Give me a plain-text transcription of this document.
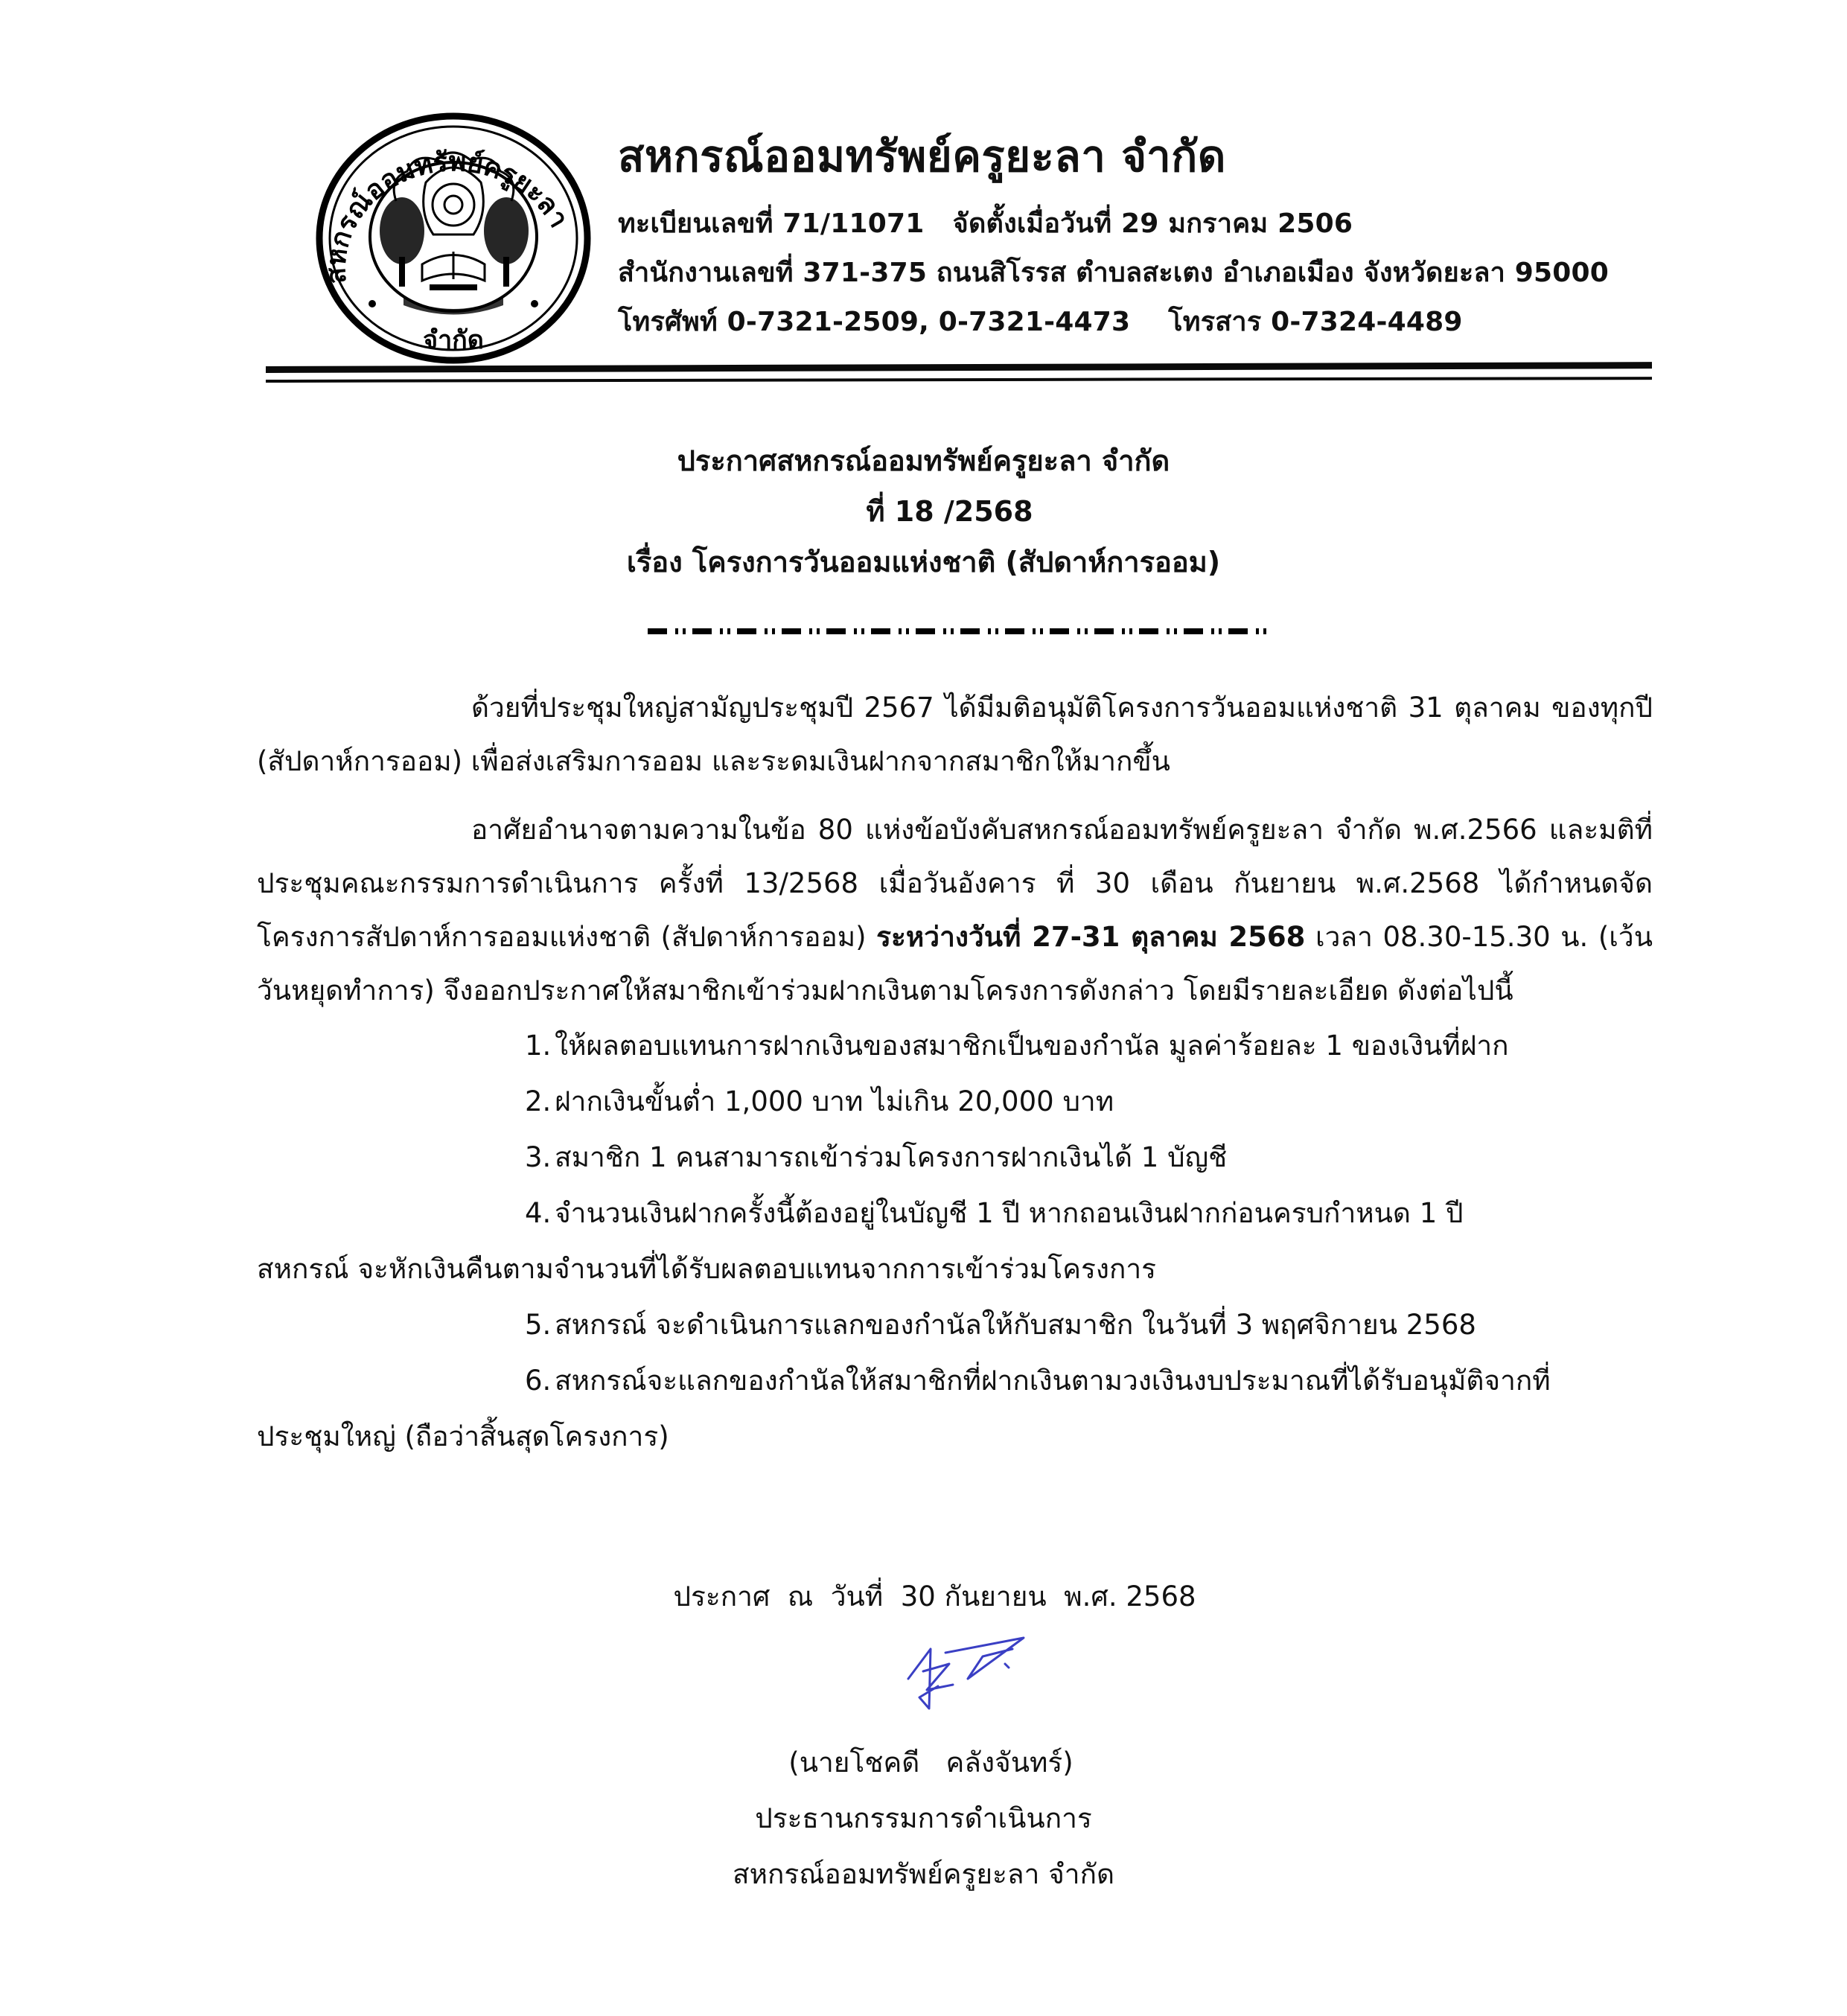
สหกรณ์ออมทรัพย์ครูยะลา
จำกัด
สหกรณ์ออมทรัพย์ครูยะลา จำกัด
ทะเบียนเลขที่ 71/11071   จัดตั้งเมื่อวันที่ 29 มกราคม 2506
สำนักงานเลขที่ 371-375 ถนนสิโรรส ตำบลสะเตง อำเภอเมือง จังหวัดยะลา 95000
โทรศัพท์ 0-7321-2509, 0-7321-4473    โทรสาร 0-7324-4489

ประกาศสหกรณ์ออมทรัพย์ครูยะลา จำกัด

ที่ 18 /2568

เรื่อง โครงการวันออมแห่งชาติ (สัปดาห์การออม)

ด้วยที่ประชุมใหญ่สามัญประชุมปี 2567 ได้มีมติอนุมัติโครงการวันออมแห่งชาติ 31 ตุลาคม ของทุกปี (สัปดาห์การออม) เพื่อส่งเสริมการออม และระดมเงินฝากจากสมาชิกให้มากขึ้น

อาศัยอำนาจตามความในข้อ 80 แห่งข้อบังคับสหกรณ์ออมทรัพย์ครูยะลา จำกัด พ.ศ.2566 และมติที่ประชุมคณะกรรมการดำเนินการ ครั้งที่ 13/2568 เมื่อวันอังคาร ที่ 30 เดือน กันยายน พ.ศ.2568 ได้กำหนดจัดโครงการสัปดาห์การออมแห่งชาติ (สัปดาห์การออม) ระหว่างวันที่ 27-31 ตุลาคม 2568 เวลา 08.30-15.30 น. (เว้นวันหยุดทำการ) จึงออกประกาศให้สมาชิกเข้าร่วมฝากเงินตามโครงการดังกล่าว โดยมีรายละเอียด ดังต่อไปนี้

1. ให้ผลตอบแทนการฝากเงินของสมาชิกเป็นของกำนัล มูลค่าร้อยละ 1 ของเงินที่ฝาก

2. ฝากเงินขั้นต่ำ 1,000 บาท ไม่เกิน 20,000 บาท

3. สมาชิก 1 คนสามารถเข้าร่วมโครงการฝากเงินได้ 1 บัญชี

4. จำนวนเงินฝากครั้งนี้ต้องอยู่ในบัญชี 1 ปี หากถอนเงินฝากก่อนครบกำหนด 1 ปี

สหกรณ์ จะหักเงินคืนตามจำนวนที่ได้รับผลตอบแทนจากการเข้าร่วมโครงการ

5. สหกรณ์ จะดำเนินการแลกของกำนัลให้กับสมาชิก ในวันที่ 3 พฤศจิกายน 2568

6. สหกรณ์จะแลกของกำนัลให้สมาชิกที่ฝากเงินตามวงเงินงบประมาณที่ได้รับอนุมัติจากที่

ประชุมใหญ่ (ถือว่าสิ้นสุดโครงการ)

ประกาศ  ณ  วันที่  30 กันยายน  พ.ศ. 2568
(นายโชคดี   คลังจันทร์)
ประธานกรรมการดำเนินการ
สหกรณ์ออมทรัพย์ครูยะลา จำกัด
